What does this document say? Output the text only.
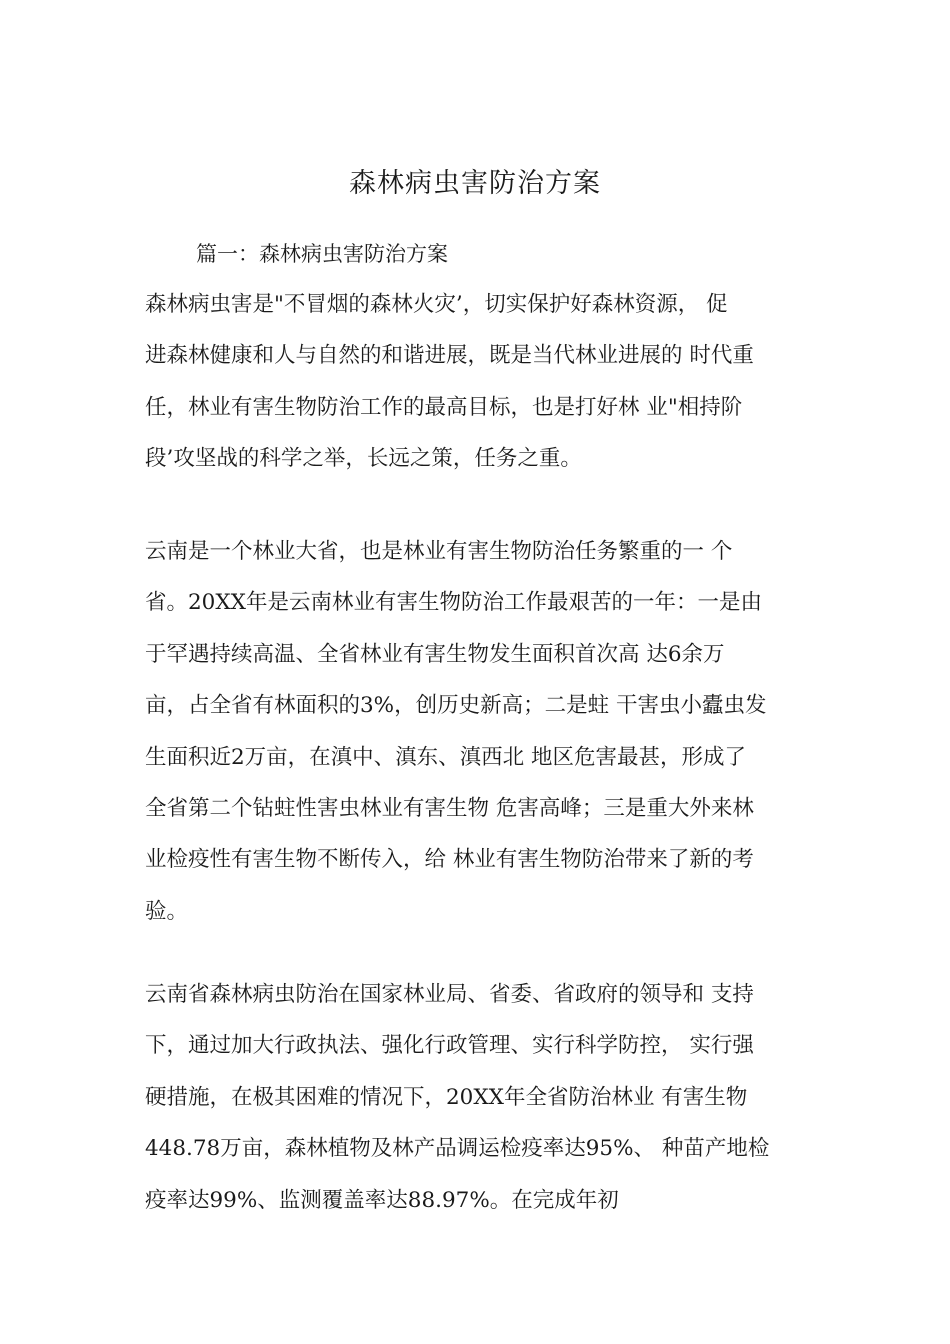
森林病虫害防治方案
篇一：森林病虫害防治方案
森林病虫害是"不冒烟的森林火灾’，切实保护好森林资源， 促
进森林健康和人与自然的和谐进展，既是当代林业进展的 时代重
任，林业有害生物防治工作的最高目标，也是打好林 业"相持阶
段’攻坚战的科学之举，长远之策，任务之重。
云南是一个林业大省，也是林业有害生物防治任务繁重的一 个
省。20XX年是云南林业有害生物防治工作最艰苦的一年：一是由
于罕遇持续高温、全省林业有害生物发生面积首次高 达6余万
亩，占全省有林面积的3%，创历史新高；二是蛀 干害虫小蠹虫发
生面积近2万亩，在滇中、滇东、滇西北 地区危害最甚，形成了
全省第二个钻蛀性害虫林业有害生物 危害高峰；三是重大外来林
业检疫性有害生物不断传入，给 林业有害生物防治带来了新的考
验。
云南省森林病虫防治在国家林业局、省委、省政府的领导和 支持
下，通过加大行政执法、强化行政管理、实行科学防控， 实行强
硬措施，在极其困难的情况下，20XX年全省防治林业 有害生物
448.78万亩，森林植物及林产品调运检疫率达95%、 种苗产地检
疫率达99%、监测覆盖率达88.97%。在完成年初
